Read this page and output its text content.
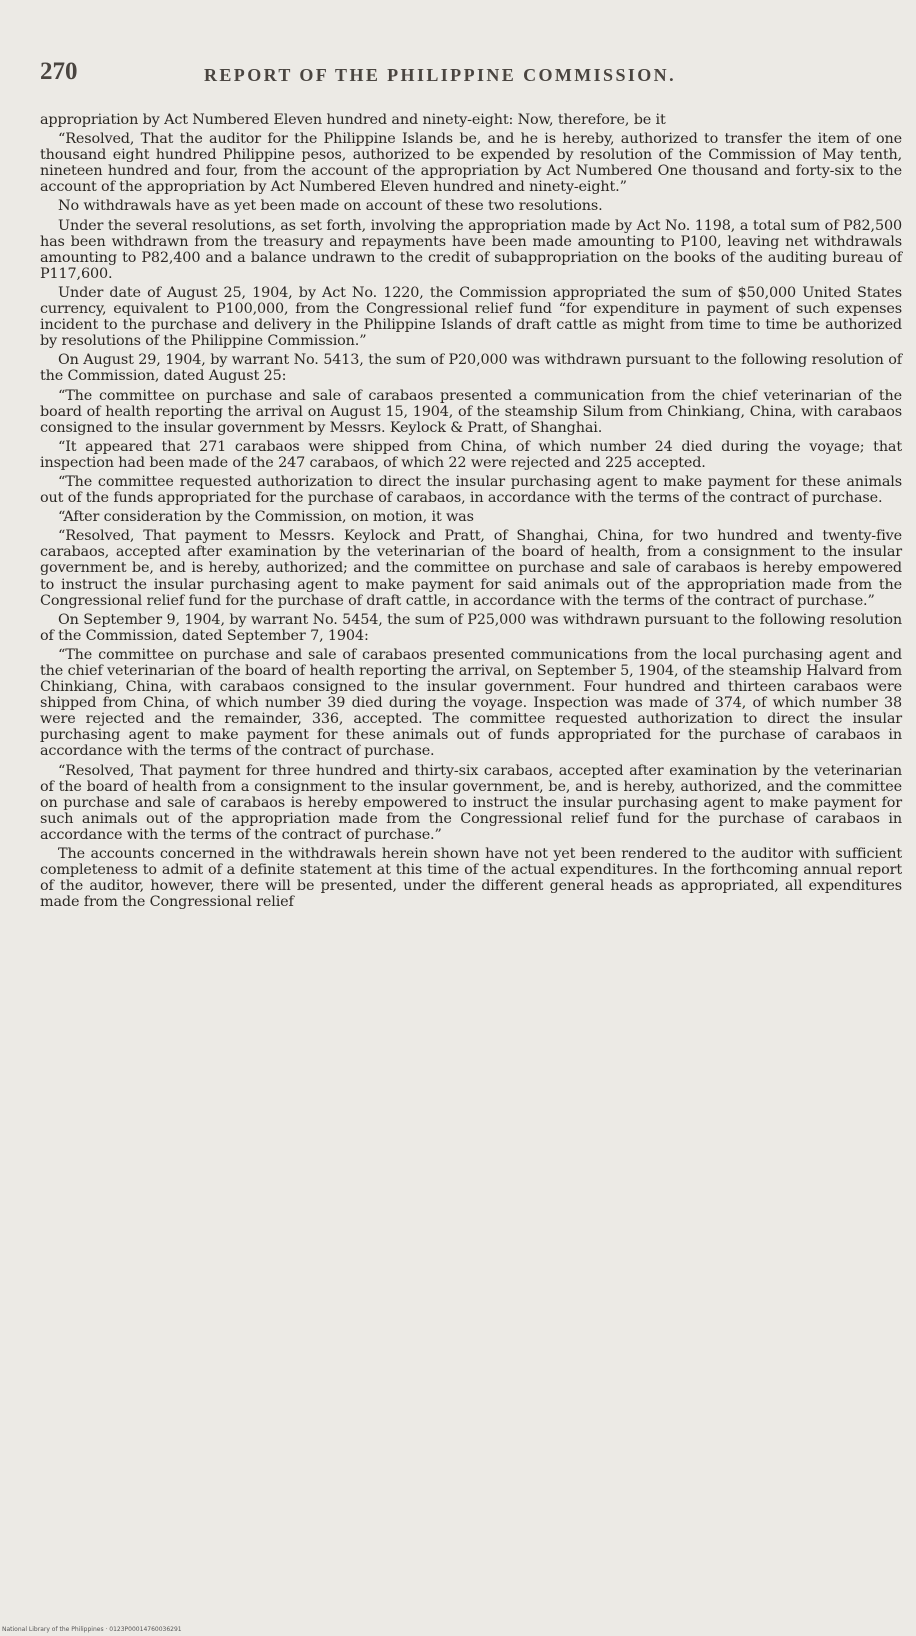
270	REPORT OF THE PHILIPPINE COMMISSION.

appropriation by Act Numbered Eleven hundred and ninety-eight: Now, therefore, be it

“Resolved, That the auditor for the Philippine Islands be, and he is hereby, authorized to transfer the item of one thousand eight hundred Philippine pesos, authorized to be expended by resolution of the Commission of May tenth, nineteen hundred and four, from the account of the appropriation by Act Numbered One thousand and forty-six to the account of the appropriation by Act Numbered Eleven hundred and ninety-eight.”

No withdrawals have as yet been made on account of these two resolutions.

Under the several resolutions, as set forth, involving the appropriation made by Act No. 1198, a total sum of P82,500 has been withdrawn from the treasury and repayments have been made amounting to P100, leaving net withdrawals amounting to P82,400 and a balance undrawn to the credit of subappropriation on the books of the auditing bureau of P117,600.

Under date of August 25, 1904, by Act No. 1220, the Commission appropriated the sum of $50,000 United States currency, equivalent to P100,000, from the Congressional relief fund “for expenditure in payment of such expenses incident to the purchase and delivery in the Philippine Islands of draft cattle as might from time to time be authorized by resolutions of the Philippine Commission.”

On August 29, 1904, by warrant No. 5413, the sum of P20,000 was withdrawn pursuant to the following resolution of the Commission, dated August 25:

“The committee on purchase and sale of carabaos presented a communication from the chief veterinarian of the board of health reporting the arrival on August 15, 1904, of the steamship Silum from Chinkiang, China, with carabaos consigned to the insular government by Messrs. Keylock & Pratt, of Shanghai.

“It appeared that 271 carabaos were shipped from China, of which number 24 died during the voyage; that inspection had been made of the 247 carabaos, of which 22 were rejected and 225 accepted.

“The committee requested authorization to direct the insular purchasing agent to make payment for these animals out of the funds appropriated for the purchase of carabaos, in accordance with the terms of the contract of purchase.

“After consideration by the Commission, on motion, it was

“Resolved, That payment to Messrs. Keylock and Pratt, of Shanghai, China, for two hundred and twenty-five carabaos, accepted after examination by the veterinarian of the board of health, from a consignment to the insular government be, and is hereby, authorized; and the committee on purchase and sale of carabaos is hereby empowered to instruct the insular purchasing agent to make payment for said animals out of the appropriation made from the Congressional relief fund for the purchase of draft cattle, in accordance with the terms of the contract of purchase.”

On September 9, 1904, by warrant No. 5454, the sum of P25,000 was withdrawn pursuant to the following resolution of the Commission, dated September 7, 1904:

“The committee on purchase and sale of carabaos presented communications from the local purchasing agent and the chief veterinarian of the board of health reporting the arrival, on September 5, 1904, of the steamship Halvard from Chinkiang, China, with carabaos consigned to the insular government. Four hundred and thirteen carabaos were shipped from China, of which number 39 died during the voyage. Inspection was made of 374, of which number 38 were rejected and the remainder, 336, accepted. The committee requested authorization to direct the insular purchasing agent to make payment for these animals out of funds appropriated for the purchase of carabaos in accordance with the terms of the contract of purchase.

“Resolved, That payment for three hundred and thirty-six carabaos, accepted after examination by the veterinarian of the board of health from a consignment to the insular government, be, and is hereby, authorized, and the committee on purchase and sale of carabaos is hereby empowered to instruct the insular purchasing agent to make payment for such animals out of the appropriation made from the Congressional relief fund for the purchase of carabaos in accordance with the terms of the contract of purchase.”

The accounts concerned in the withdrawals herein shown have not yet been rendered to the auditor with sufficient completeness to admit of a definite statement at this time of the actual expenditures. In the forthcoming annual report of the auditor, however, there will be presented, under the different general heads as appropriated, all expenditures made from the Congressional relief

National Library of the Philippines · 0123P00014760036291
